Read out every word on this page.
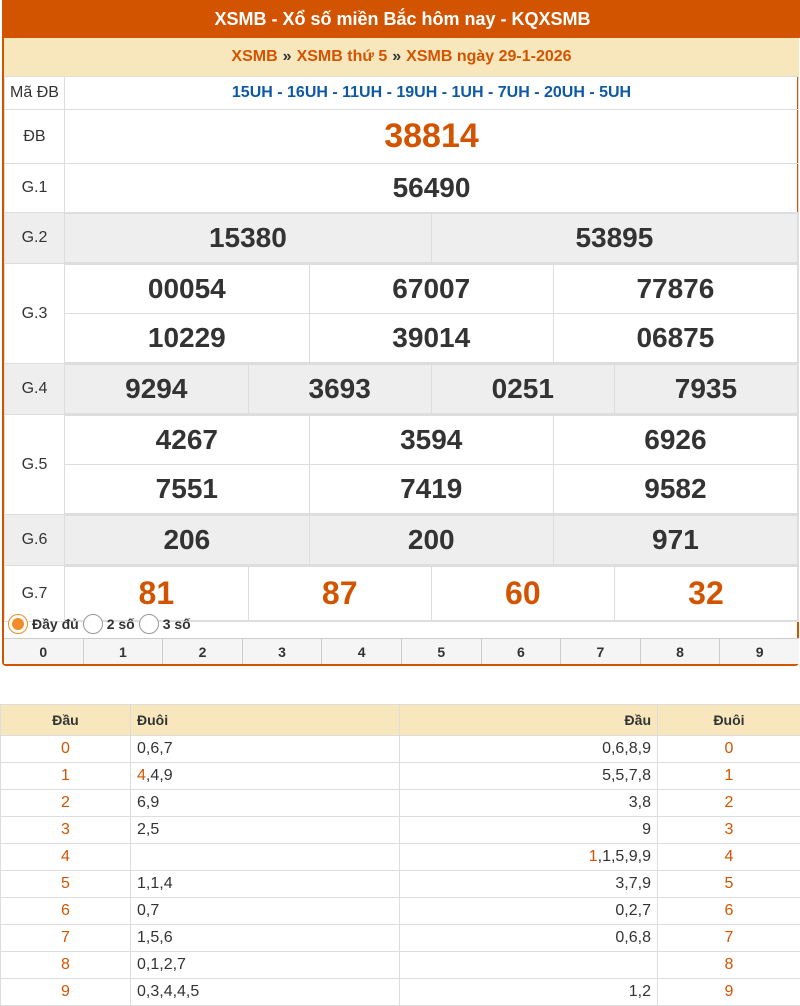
XSMB - Xổ số miền Bắc hôm nay - KQXSMB
XSMB » XSMB thứ 5 » XSMB ngày 29-1-2026
Mã ĐB	15UH - 16UH - 11UH - 19UH - 1UH - 7UH - 20UH - 5UH
ĐB	38814
G.1	56490
G.2		15380	53895

G.3	
00054	67007	77876
10229	39014	06875

G.4		9294	3693	0251	7935

G.5	
4267	3594	6926
7551	7419	9582

G.6		206	200	971

G.7		81	87	60	32
Đầy đủ 2 số 3 số
0	1	2	3	4	5	6	7	8	9
Đầu	Đuôi	Đầu	Đuôi
0	0,6,7	0,6,8,9	0
1	4,4,9	5,5,7,8	1
2	6,9	3,8	2
3	2,5	9	3
4		1,1,5,9,9	4
5	1,1,4	3,7,9	5
6	0,7	0,2,7	6
7	1,5,6	0,6,8	7
8	0,1,2,7		8
9	0,3,4,4,5	1,2	9
